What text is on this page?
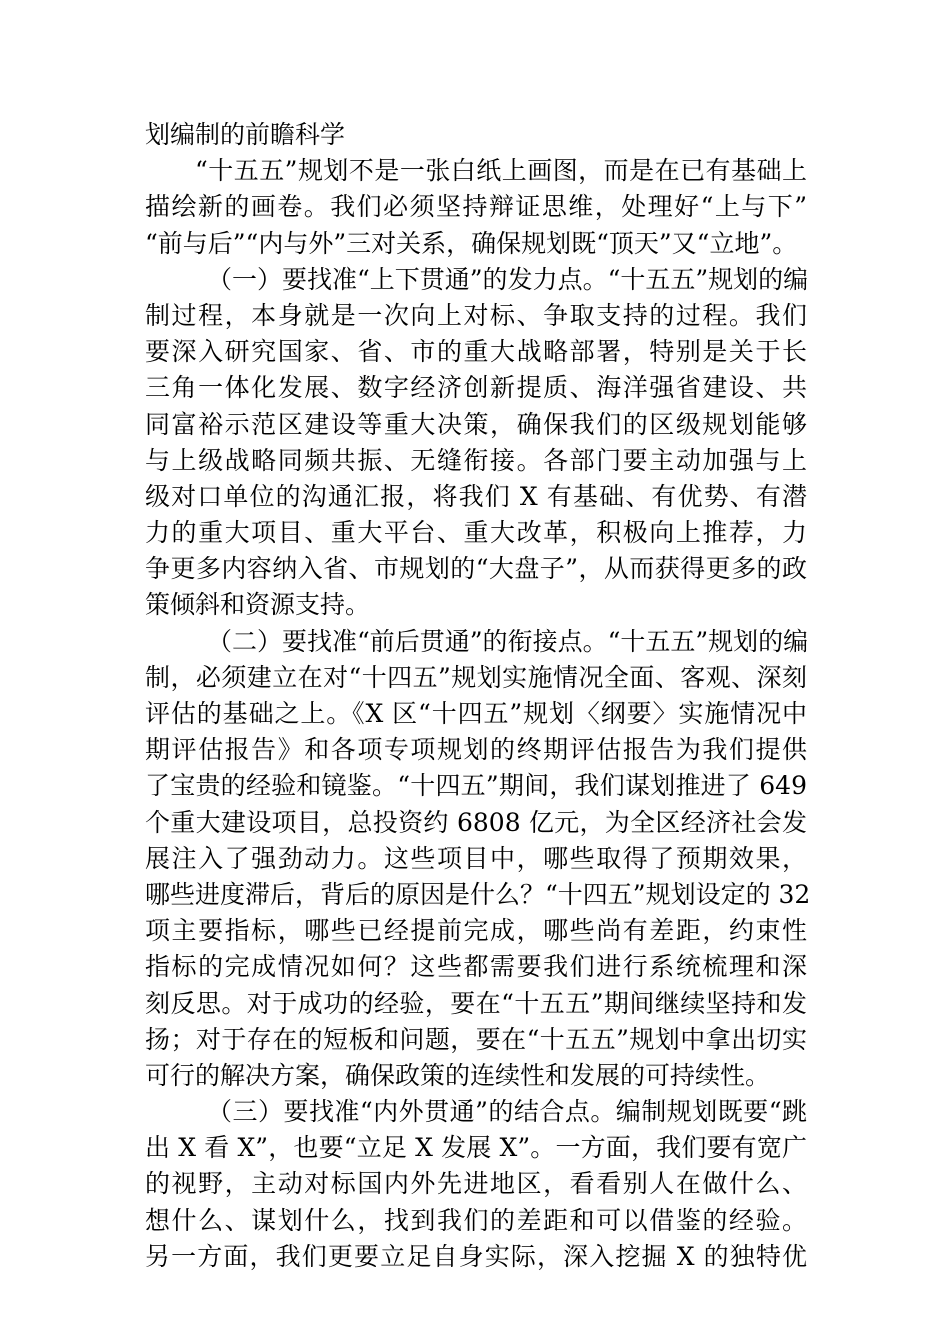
划编制的前瞻科学
“十五五”规划不是一张白纸上画图，而是在已有基础上
描绘新的画卷。我们必须坚持辩证思维，处理好“上与下”
“前与后”“内与外”三对关系，确保规划既“顶天”又“立地”。
（一）要找准“上下贯通”的发力点。“十五五”规划的编
制过程，本身就是一次向上对标、争取支持的过程。我们
要深入研究国家、省、市的重大战略部署，特别是关于长
三角一体化发展、数字经济创新提质、海洋强省建设、共
同富裕示范区建设等重大决策，确保我们的区级规划能够
与上级战略同频共振、无缝衔接。各部门要主动加强与上
级对口单位的沟通汇报，将我们 X 有基础、有优势、有潜
力的重大项目、重大平台、重大改革，积极向上推荐，力
争更多内容纳入省、市规划的“大盘子”，从而获得更多的政
策倾斜和资源支持。
（二）要找准“前后贯通”的衔接点。“十五五”规划的编
制，必须建立在对“十四五”规划实施情况全面、客观、深刻
评估的基础之上。《X 区“十四五”规划〈纲要〉实施情况中
期评估报告》和各项专项规划的终期评估报告为我们提供
了宝贵的经验和镜鉴。“十四五”期间，我们谋划推进了 649
个重大建设项目，总投资约 6808 亿元，为全区经济社会发
展注入了强劲动力。这些项目中，哪些取得了预期效果，
哪些进度滞后，背后的原因是什么？“十四五”规划设定的 32
项主要指标，哪些已经提前完成，哪些尚有差距，约束性
指标的完成情况如何？这些都需要我们进行系统梳理和深
刻反思。对于成功的经验，要在“十五五”期间继续坚持和发
扬；对于存在的短板和问题，要在“十五五”规划中拿出切实
可行的解决方案，确保政策的连续性和发展的可持续性。
（三）要找准“内外贯通”的结合点。编制规划既要“跳
出 X 看 X”，也要“立足 X 发展 X”。一方面，我们要有宽广
的视野，主动对标国内外先进地区，看看别人在做什么、
想什么、谋划什么，找到我们的差距和可以借鉴的经验。
另一方面，我们更要立足自身实际，深入挖掘 X 的独特优
